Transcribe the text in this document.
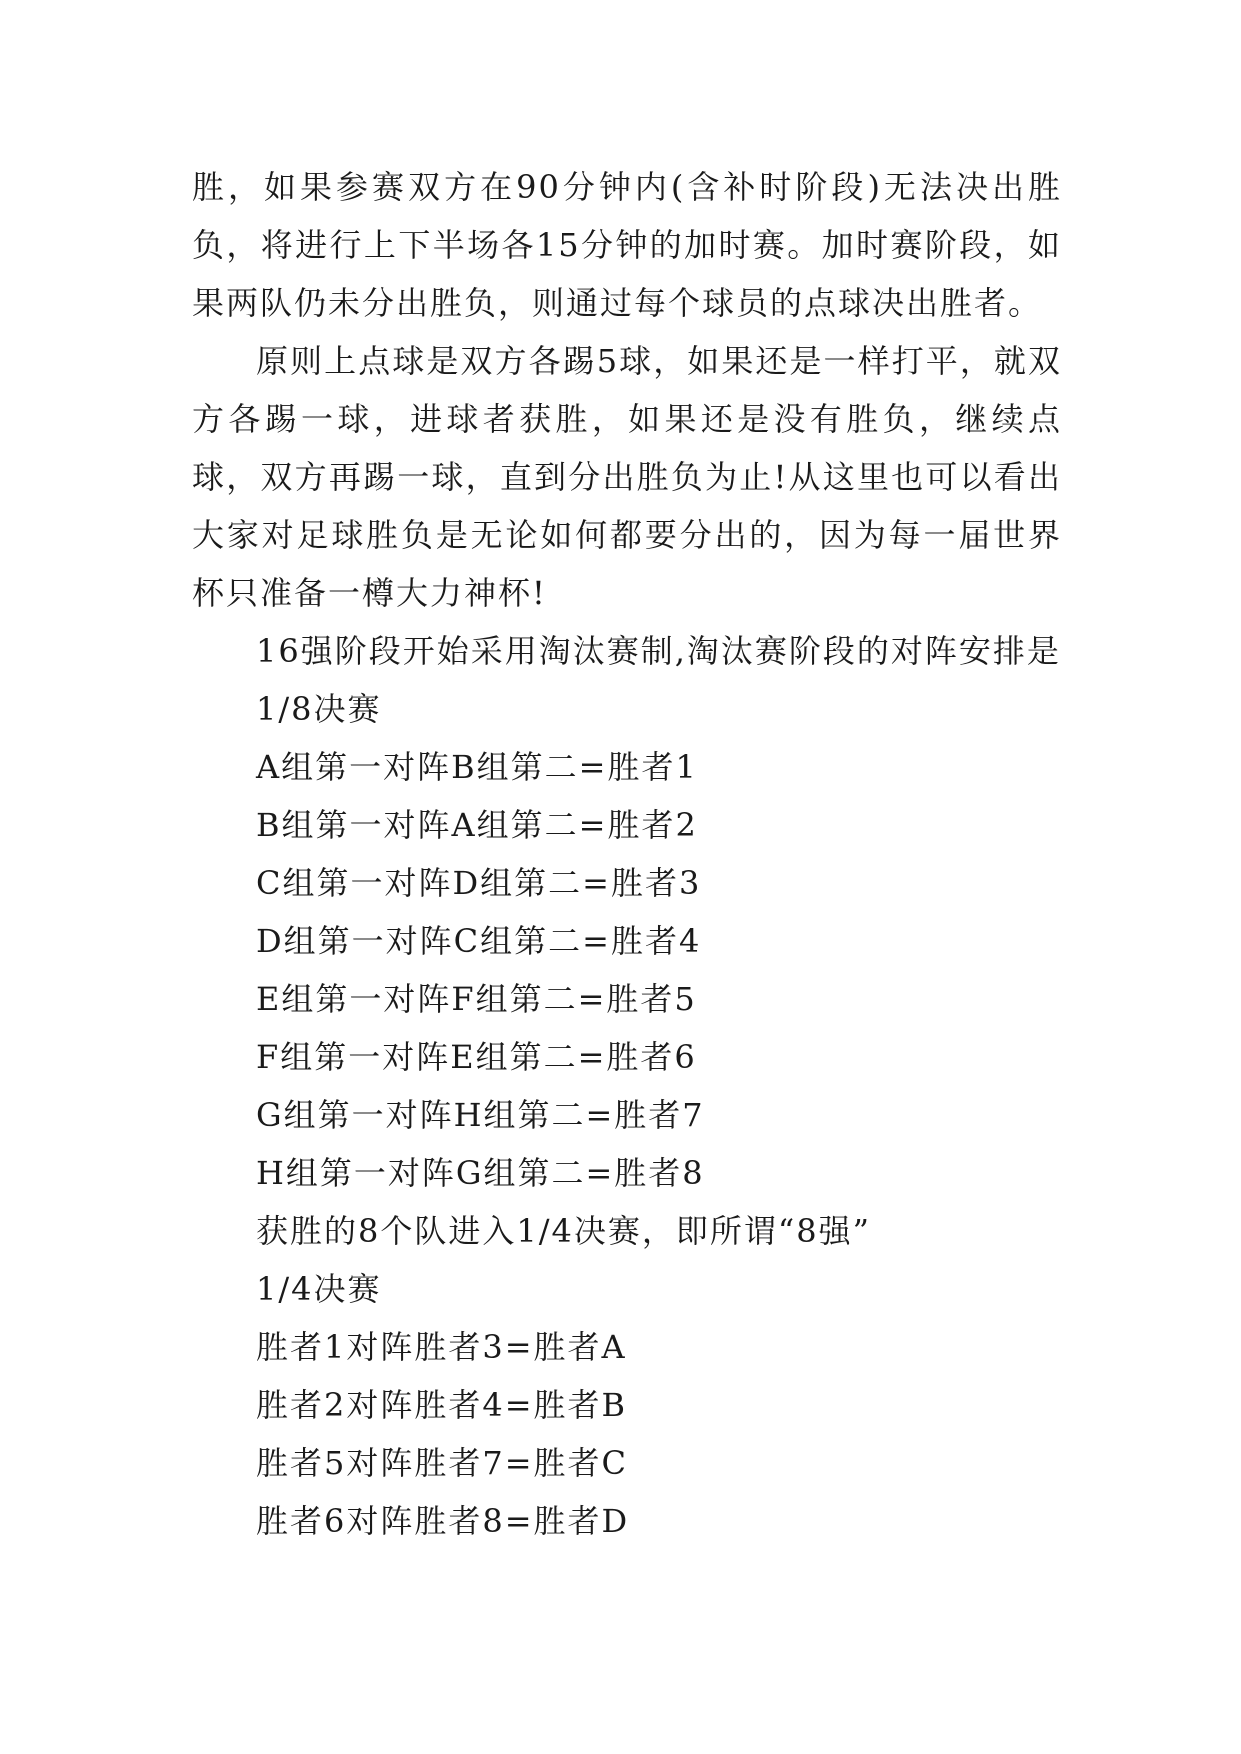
胜，如果参赛双方在90分钟内(含补时阶段)无法决出胜负，将进行上下半场各15分钟的加时赛。加时赛阶段，如果两队仍未分出胜负，则通过每个球员的点球决出胜者。

原则上点球是双方各踢5球，如果还是一样打平，就双方各踢一球，进球者获胜，如果还是没有胜负，继续点球，双方再踢一球，直到分出胜负为止!从这里也可以看出大家对足球胜负是无论如何都要分出的，因为每一届世界杯只准备一樽大力神杯!

16强阶段开始采用淘汰赛制,淘汰赛阶段的对阵安排是

1/8决赛

A组第一对阵B组第二=胜者1

B组第一对阵A组第二=胜者2

C组第一对阵D组第二=胜者3

D组第一对阵C组第二=胜者4

E组第一对阵F组第二=胜者5

F组第一对阵E组第二=胜者6

G组第一对阵H组第二=胜者7

H组第一对阵G组第二=胜者8

获胜的8个队进入1/4决赛，即所谓“8强”

1/4决赛

胜者1对阵胜者3=胜者A

胜者2对阵胜者4=胜者B

胜者5对阵胜者7=胜者C

胜者6对阵胜者8=胜者D
